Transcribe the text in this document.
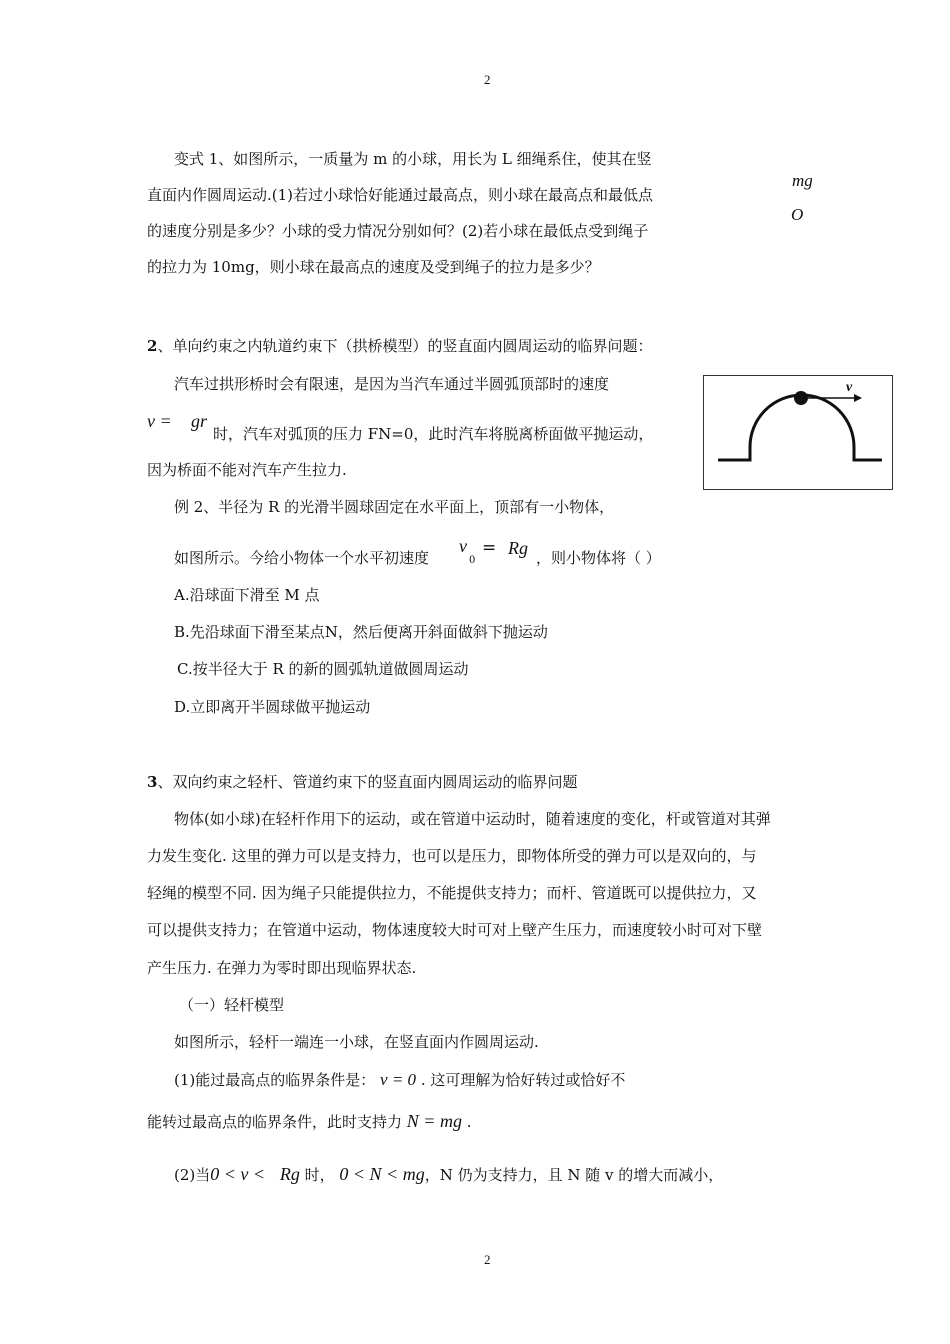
2
变式 1、如图所示，一质量为 m 的小球，用长为 L 细绳系住，使其在竖
直面内作圆周运动.(1)若过小球恰好能通过最高点，则小球在最高点和最低点
的速度分别是多少？小球的受力情况分别如何？(2)若小球在最低点受到绳子
的拉力为 10mg，则小球在最高点的速度及受到绳子的拉力是多少？
mg
O
2、单向约束之内轨道约束下（拱桥模型）的竖直面内圆周运动的临界问题：
汽车过拱形桥时会有限速，是因为当汽车通过半圆弧顶部时的速度
v = gr
时，汽车对弧顶的压力 FN=0，此时汽车将脱离桥面做平抛运动，
因为桥面不能对汽车产生拉力.
v
例 2、半径为 R 的光滑半圆球固定在水平面上，顶部有一小物体，
如图所示。今给小物体一个水平初速度
v
0
= Rg ，则小物体将（ ）
A.沿球面下滑至 M 点
B.先沿球面下滑至某点N，然后便离开斜面做斜下抛运动
C.按半径大于 R 的新的圆弧轨道做圆周运动
D.立即离开半圆球做平抛运动
3、双向约束之轻杆、管道约束下的竖直面内圆周运动的临界问题
物体(如小球)在轻杆作用下的运动，或在管道中运动时，随着速度的变化，杆或管道对其弹
力发生变化. 这里的弹力可以是支持力，也可以是压力，即物体所受的弹力可以是双向的，与
轻绳的模型不同. 因为绳子只能提供拉力，不能提供支持力；而杆、管道既可以提供拉力，又
可以提供支持力；在管道中运动，物体速度较大时可对上壁产生压力，而速度较小时可对下壁
产生压力. 在弹力为零时即出现临界状态.
（一）轻杆模型
如图所示，轻杆一端连一小球，在竖直面内作圆周运动.
(1)能过最高点的临界条件是： v = 0 . 这可理解为恰好转过或恰好不
能转过最高点的临界条件，此时支持力 N = mg .
(2)当0 < v < Rg 时， 0 < N < mg，N 仍为支持力，且 N 随 v 的增大而减小，
2
